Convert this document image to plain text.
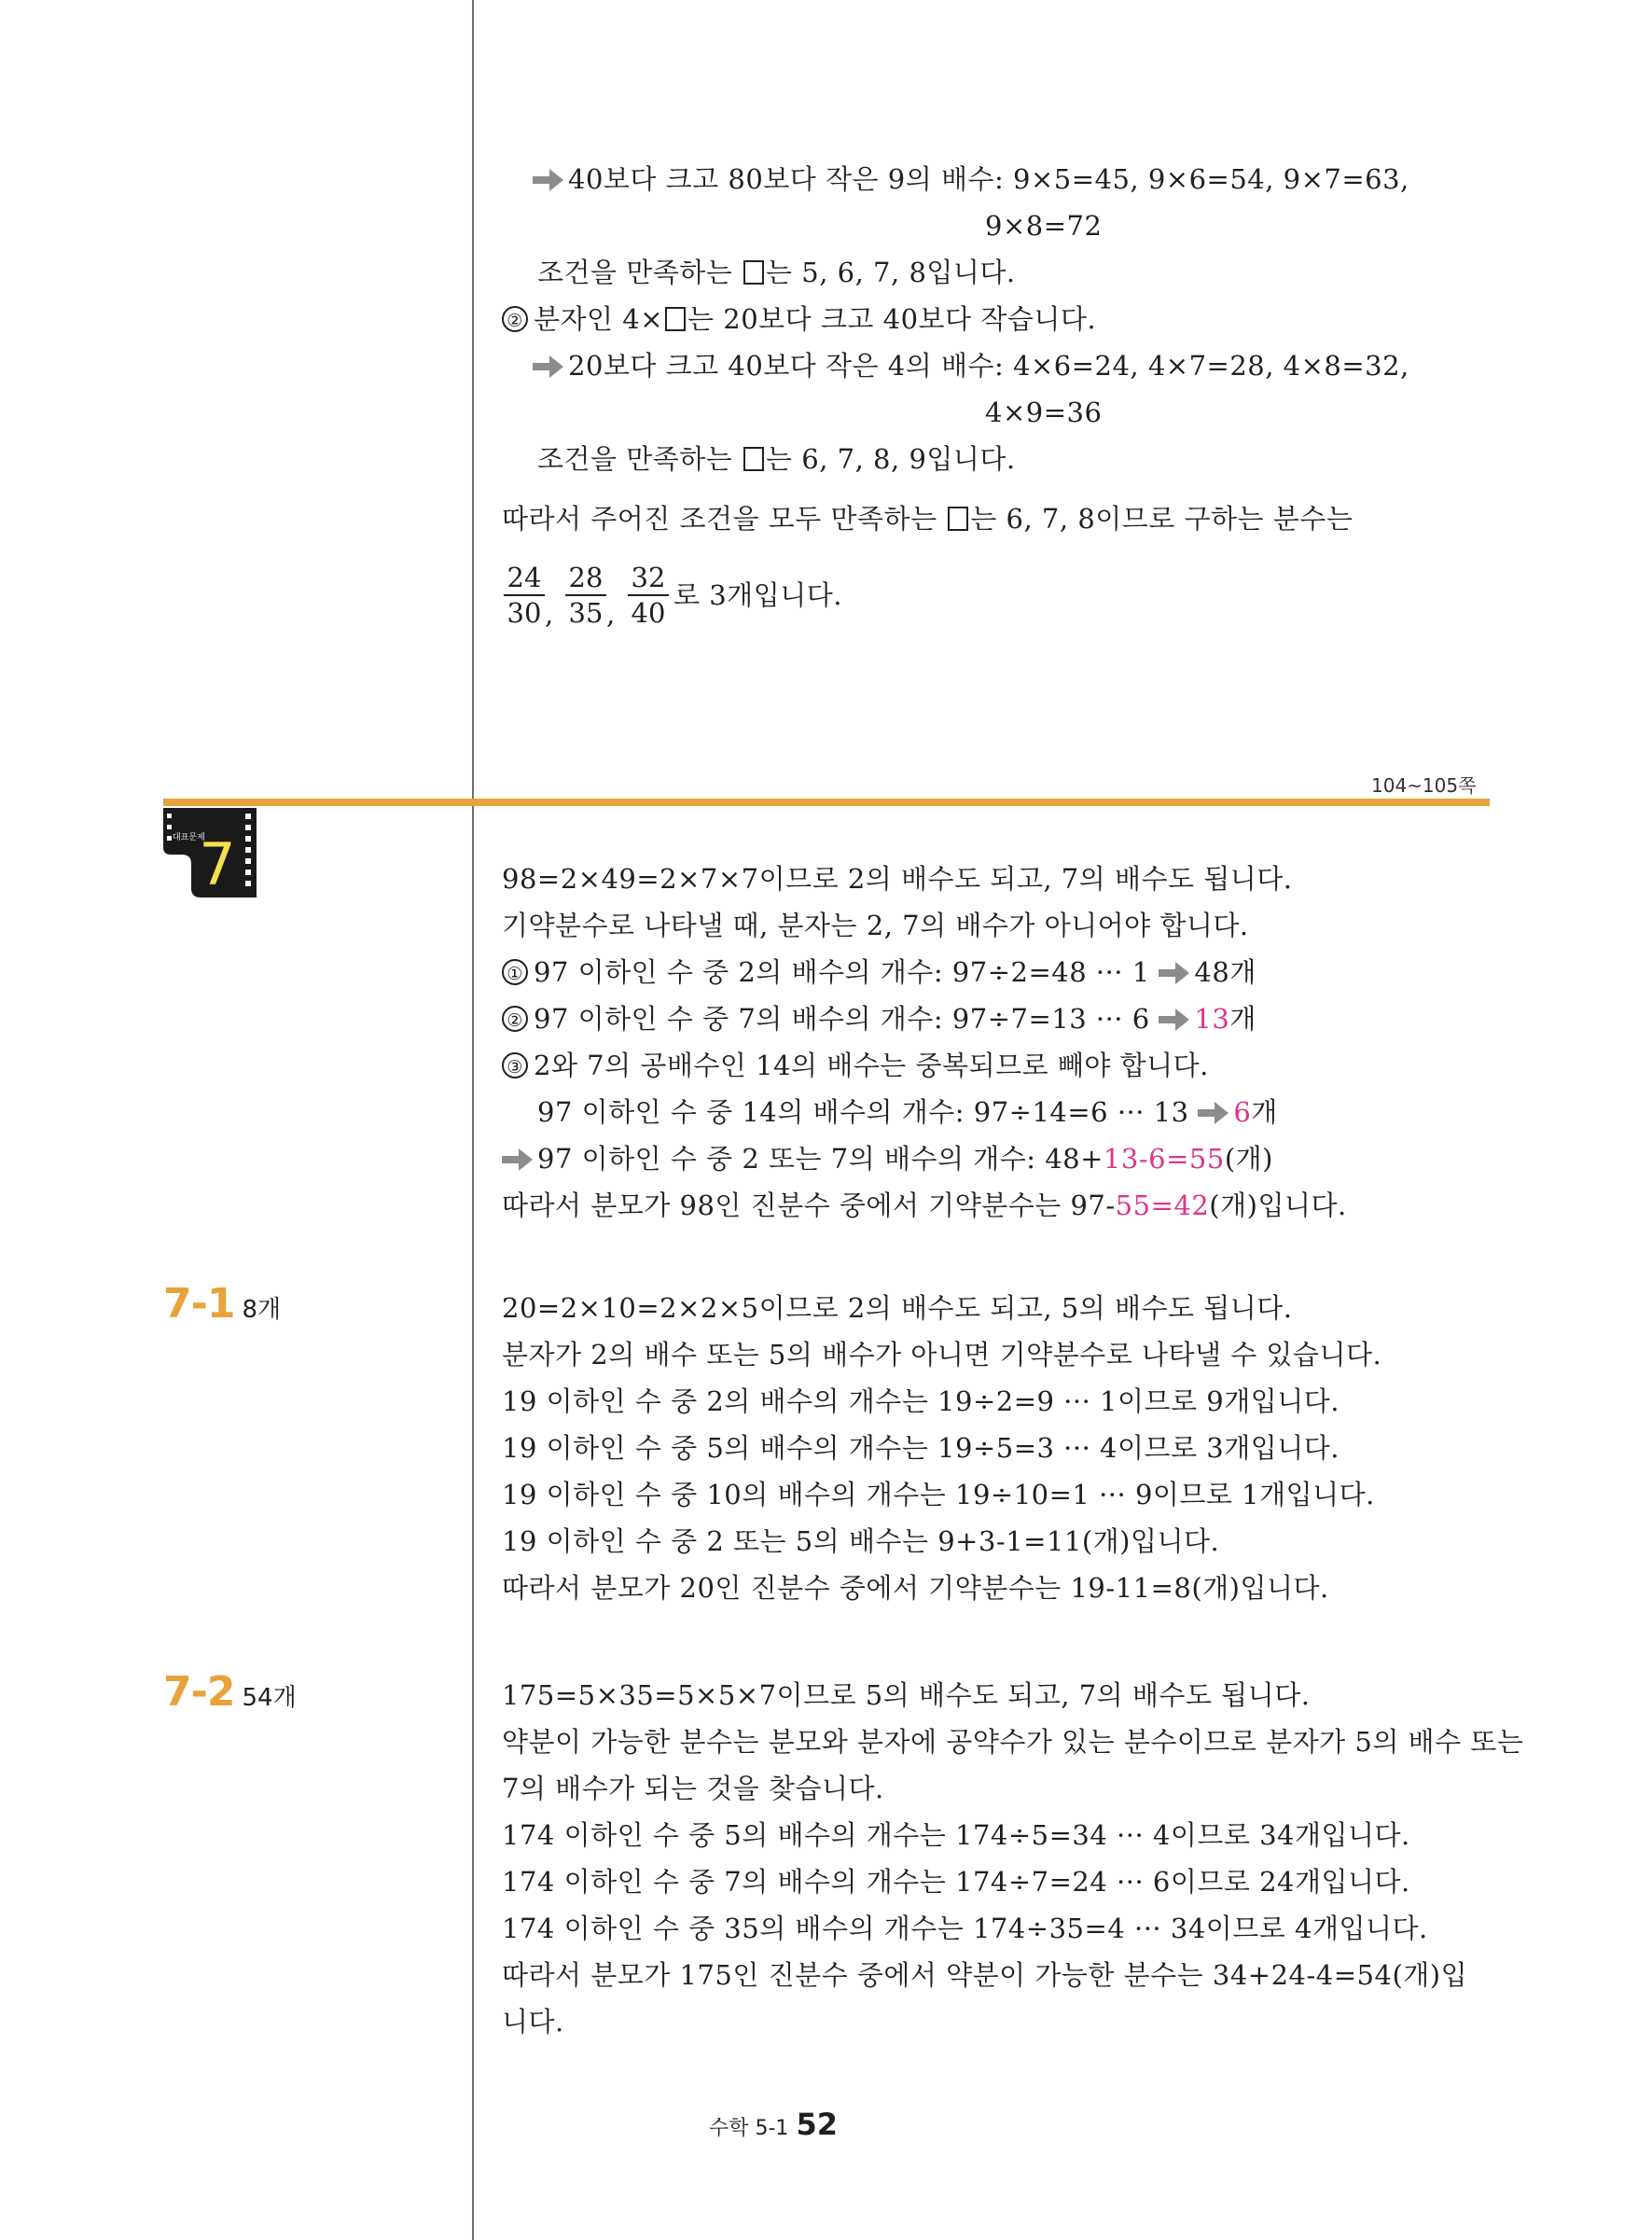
40보다 크고 80보다 작은 9의 배수: 9×5=45, 9×6=54, 9×7=63,
9×8=72
조건을 만족하는 는 5, 6, 7, 8입니다.
② 분자인 4× 는 20보다 크고 40보다 작습니다.
20보다 크고 40보다 작은 4의 배수: 4×6=24, 4×7=28, 4×8=32,
4×9=36
조건을 만족하는 는 6, 7, 8, 9입니다.
따라서 주어진 조건을 모두 만족하는 는 6, 7, 8이므로 구하는 분수는
24
30 ,
28
35 ,
32
40
로 3개입니다.
104~105쪽
대표문제
7	98=2×49=2×7×7이므로 2의 배수도 되고, 7의 배수도 됩니다.
기약분수로 나타낼 때, 분자는 2, 7의 배수가 아니어야 합니다.
① 97 이하인 수 중 2의 배수의 개수: 97÷2=48 ··· 1 48개
② 97 이하인 수 중 7의 배수의 개수: 97÷7=13 ··· 6 13개
③ 2와 7의 공배수인 14의 배수는 중복되므로 빼야 합니다.
97 이하인 수 중 14의 배수의 개수: 97÷14=6 ··· 13 6개
97 이하인 수 중 2 또는 7의 배수의 개수: 48+13-6=55(개)
따라서 분모가 98인 진분수 중에서 기약분수는 97-55=42(개)입니다.
7-1 8개	20=2×10=2×2×5이므로 2의 배수도 되고, 5의 배수도 됩니다.
분자가 2의 배수 또는 5의 배수가 아니면 기약분수로 나타낼 수 있습니다.
19 이하인 수 중 2의 배수의 개수는 19÷2=9 ··· 1이므로 9개입니다.
19 이하인 수 중 5의 배수의 개수는 19÷5=3 ··· 4이므로 3개입니다.
19 이하인 수 중 10의 배수의 개수는 19÷10=1 ··· 9이므로 1개입니다.
19 이하인 수 중 2 또는 5의 배수는 9+3-1=11(개)입니다.
따라서 분모가 20인 진분수 중에서 기약분수는 19-11=8(개)입니다.
7-2 54개	175=5×35=5×5×7이므로 5의 배수도 되고, 7의 배수도 됩니다.
약분이 가능한 분수는 분모와 분자에 공약수가 있는 분수이므로 분자가 5의 배수 또는
7의 배수가 되는 것을 찾습니다.
174 이하인 수 중 5의 배수의 개수는 174÷5=34 ··· 4이므로 34개입니다.
174 이하인 수 중 7의 배수의 개수는 174÷7=24 ··· 6이므로 24개입니다.
174 이하인 수 중 35의 배수의 개수는 174÷35=4 ··· 34이므로 4개입니다.
따라서 분모가 175인 진분수 중에서 약분이 가능한 분수는 34+24-4=54(개)입
니다.
수학 5-1 52
